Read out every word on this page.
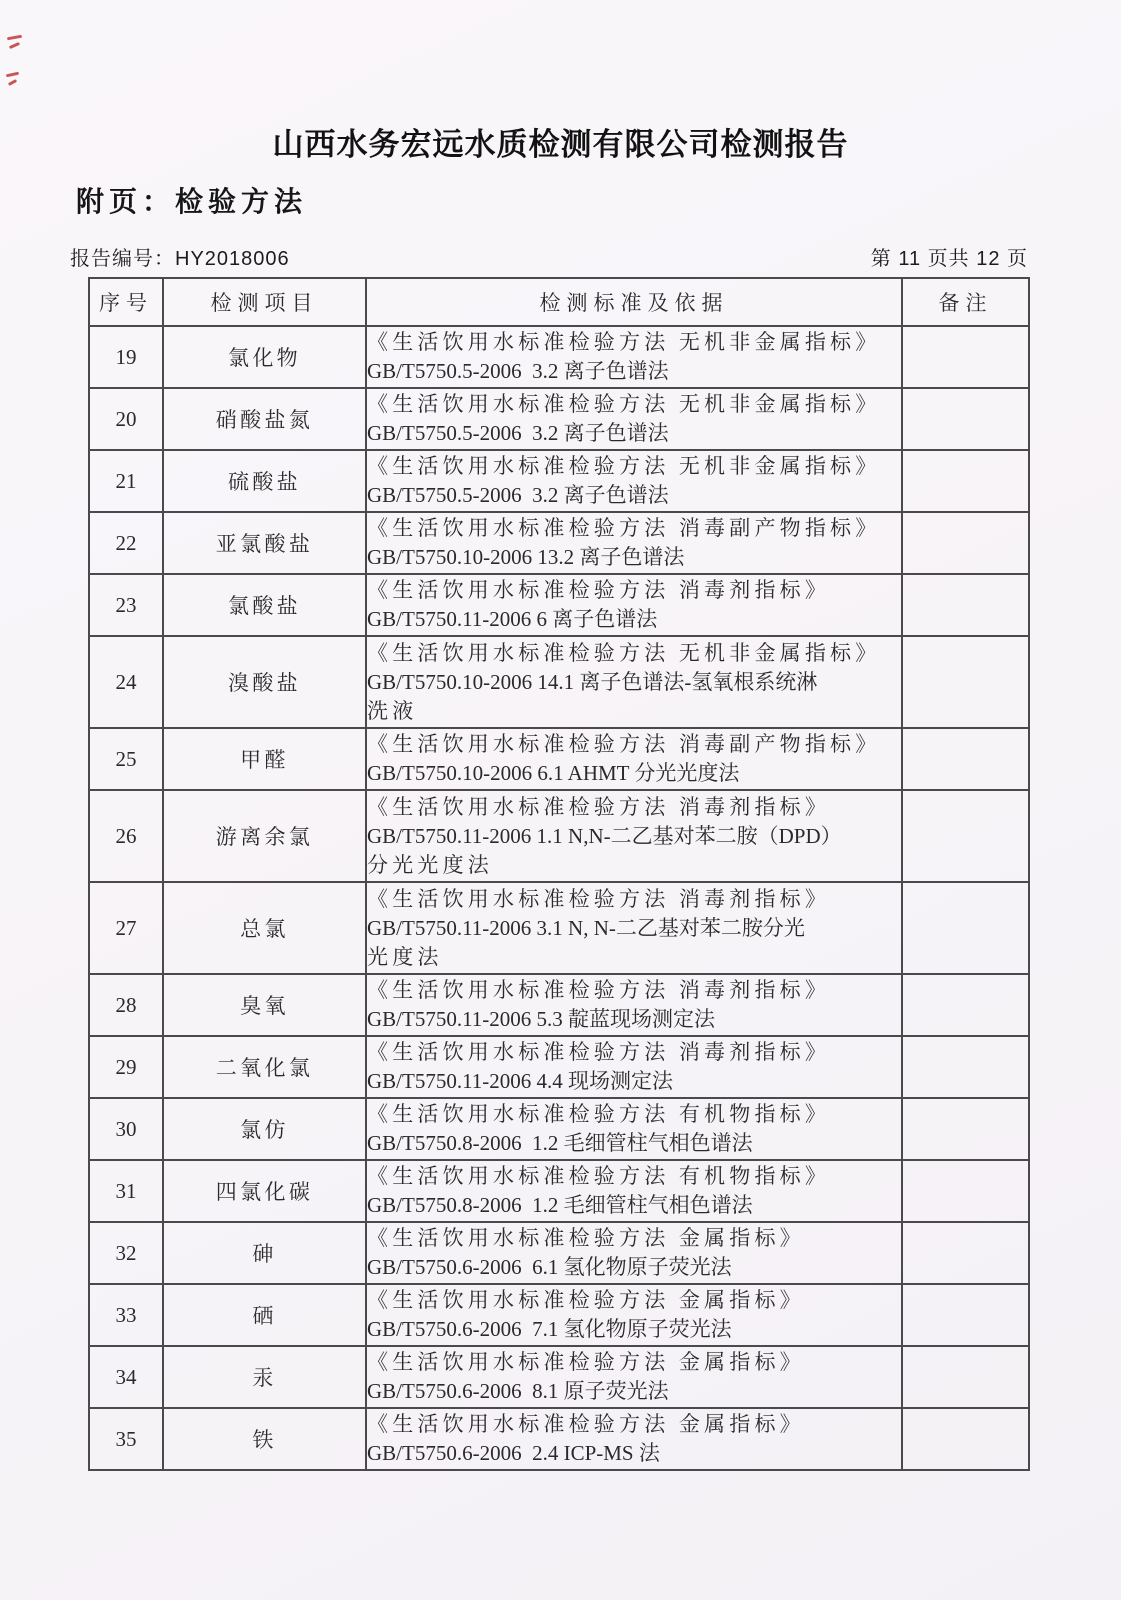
山西水务宏远水质检测有限公司检测报告
附页：检验方法
报告编号：HY2018006	第 11 页共 12 页
序号	检测项目	检测标准及依据	备注
19	氯化物	《生活饮用水标准检验方法 无机非金属指标》
GB/T5750.5-2006  3.2 离子色谱法	

20	硝酸盐氮	《生活饮用水标准检验方法 无机非金属指标》
GB/T5750.5-2006  3.2 离子色谱法	

21	硫酸盐	《生活饮用水标准检验方法 无机非金属指标》
GB/T5750.5-2006  3.2 离子色谱法	

22	亚氯酸盐	《生活饮用水标准检验方法 消毒副产物指标》
GB/T5750.10-2006 13.2 离子色谱法	

23	氯酸盐	《生活饮用水标准检验方法 消毒剂指标》
GB/T5750.11-2006 6 离子色谱法	

24	溴酸盐	《生活饮用水标准检验方法 无机非金属指标》
GB/T5750.10-2006 14.1 离子色谱法-氢氧根系统淋
洗液	

25	甲醛	《生活饮用水标准检验方法 消毒副产物指标》
GB/T5750.10-2006 6.1 AHMT 分光光度法	

26	游离余氯	《生活饮用水标准检验方法 消毒剂指标》
GB/T5750.11-2006 1.1 N,N-二乙基对苯二胺（DPD）
分光光度法	

27	总氯	《生活饮用水标准检验方法 消毒剂指标》
GB/T5750.11-2006 3.1 N, N-二乙基对苯二胺分光
光度法	

28	臭氧	《生活饮用水标准检验方法 消毒剂指标》
GB/T5750.11-2006 5.3 靛蓝现场测定法	

29	二氧化氯	《生活饮用水标准检验方法 消毒剂指标》
GB/T5750.11-2006 4.4 现场测定法	

30	氯仿	《生活饮用水标准检验方法 有机物指标》
GB/T5750.8-2006  1.2 毛细管柱气相色谱法	

31	四氯化碳	《生活饮用水标准检验方法 有机物指标》
GB/T5750.8-2006  1.2 毛细管柱气相色谱法	

32	砷	《生活饮用水标准检验方法 金属指标》
GB/T5750.6-2006  6.1 氢化物原子荧光法	

33	硒	《生活饮用水标准检验方法 金属指标》
GB/T5750.6-2006  7.1 氢化物原子荧光法	

34	汞	《生活饮用水标准检验方法 金属指标》
GB/T5750.6-2006  8.1 原子荧光法	

35	铁	《生活饮用水标准检验方法 金属指标》
GB/T5750.6-2006  2.4 ICP-MS 法	
